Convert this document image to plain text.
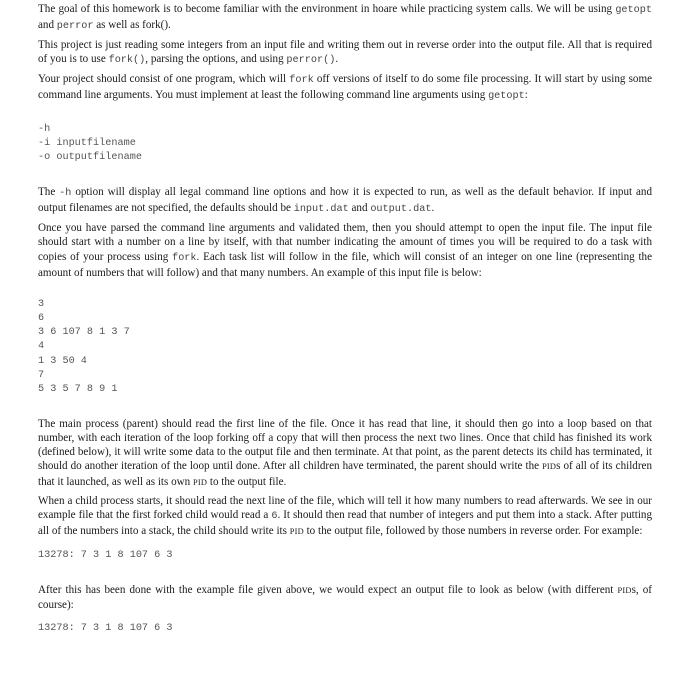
The goal of this homework is to become familiar with the environment in hoare while practicing system calls. We will be using getopt and perror as well as fork().

This project is just reading some integers from an input file and writing them out in reverse order into the output file. All that is required of you is to use fork(), parsing the options, and using perror().

Your project should consist of one program, which will fork off versions of itself to do some file processing. It will start by using some command line arguments. You must implement at least the following command line arguments using getopt:

-h
-i inputfilename
-o outputfilename

The -h option will display all legal command line options and how it is expected to run, as well as the default behavior. If input and output filenames are not specified, the defaults should be input.dat and output.dat.

Once you have parsed the command line arguments and validated them, then you should attempt to open the input file. The input file should start with a number on a line by itself, with that number indicating the amount of times you will be required to do a task with copies of your process using fork. Each task list will follow in the file, which will consist of an integer on one line (representing the amount of numbers that will follow) and that many numbers. An example of this input file is below:

3
6
3 6 107 8 1 3 7
4
1 3 50 4
7
5 3 5 7 8 9 1

The main process (parent) should read the first line of the file. Once it has read that line, it should then go into a loop based on that number, with each iteration of the loop forking off a copy that will then process the next two lines. Once that child has finished its work (defined below), it will write some data to the output file and then terminate. At that point, as the parent detects its child has terminated, it should do another iteration of the loop until done. After all children have terminated, the parent should write the PIDs of all of its children that it launched, as well as its own PID to the output file.

When a child process starts, it should read the next line of the file, which will tell it how many numbers to read afterwards. We see in our example file that the first forked child would read a 6. It should then read that number of integers and put them into a stack. After putting all of the numbers into a stack, the child should write its PID to the output file, followed by those numbers in reverse order. For example:

13278: 7 3 1 8 107 6 3

After this has been done with the example file given above, we would expect an output file to look as below (with different PIDs, of course):

13278: 7 3 1 8 107 6 3
